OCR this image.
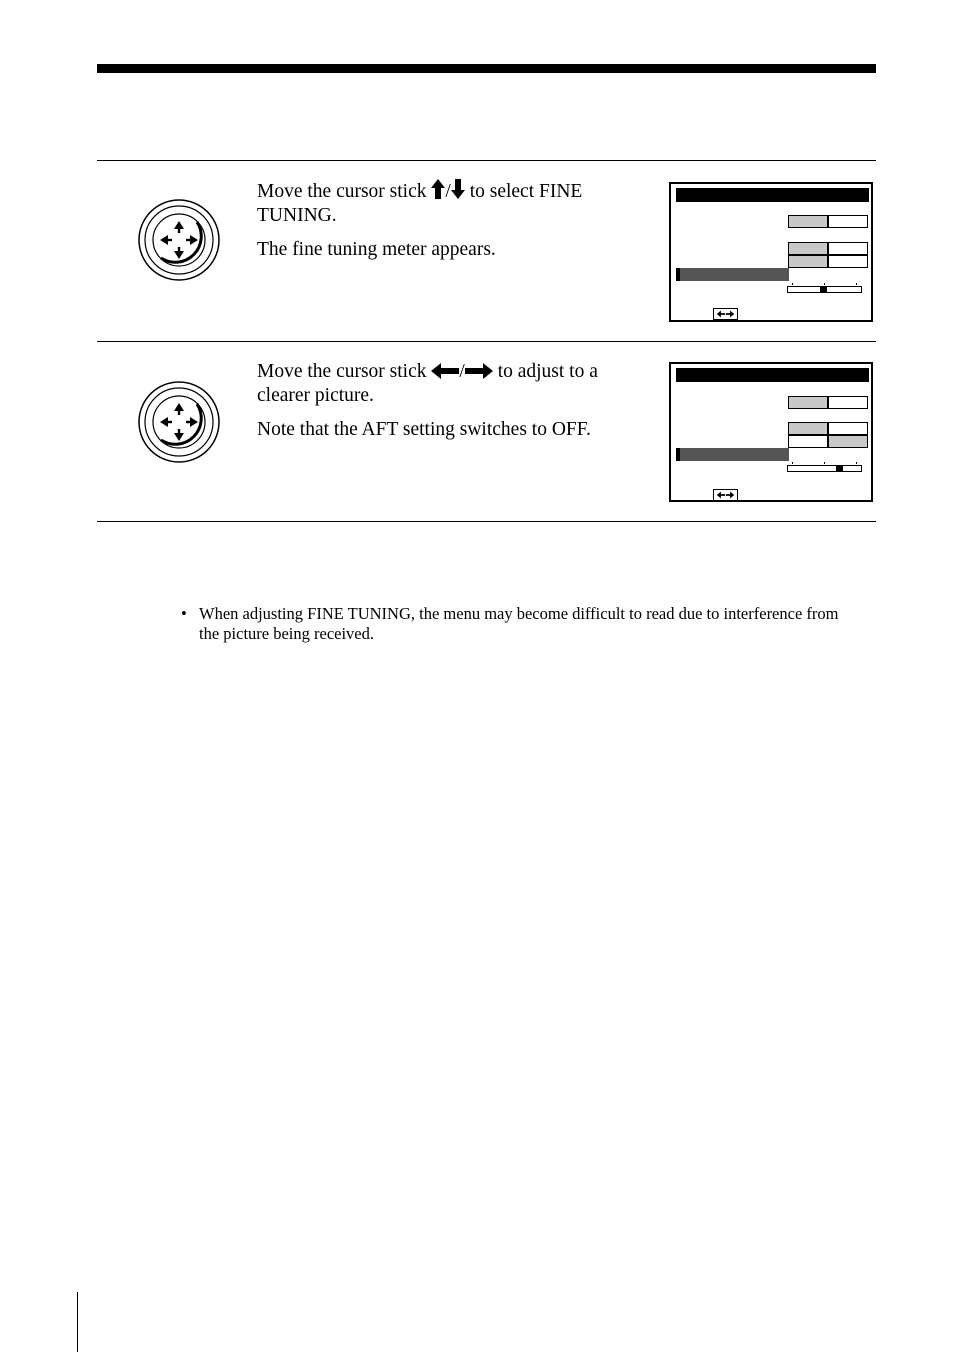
Move the cursor stick / to select FINE TUNING.

The fine tuning meter appears.

Move the cursor stick / to adjust to a clearer picture.

Note that the AFT setting switches to OFF.

• When adjusting FINE TUNING, the menu may become difficult to read due to interference from the picture being received.
